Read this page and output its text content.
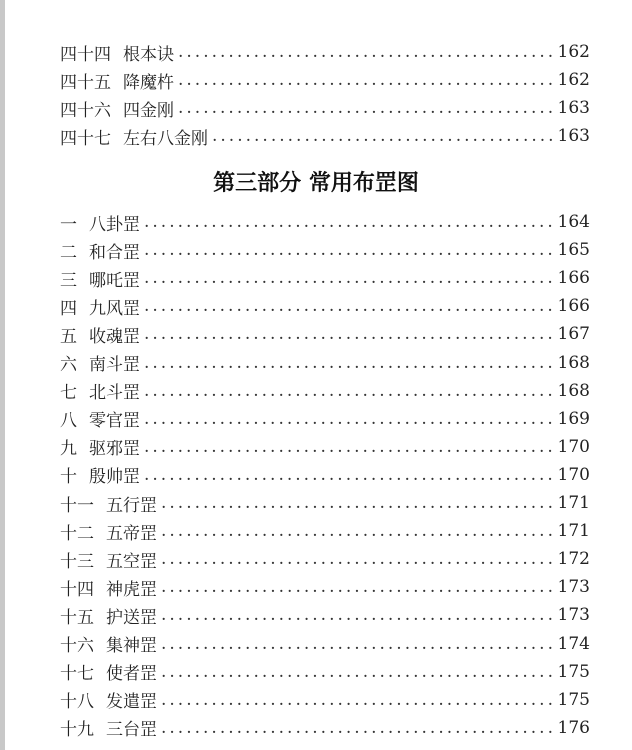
四十四 根本诀 .....	162
四十五 降魔杵 .....	162
四十六 四金刚 .....	163
四十七 左右八金刚 .....	163
第三部分 常用布罡图
一 八卦罡 .....	164
二 和合罡 .....	165
三 哪吒罡 .....	166
四 九风罡 .....	166
五 收魂罡 .....	167
六 南斗罡 .....	168
七 北斗罡 .....	168
八 零官罡 .....	169
九 驱邪罡 .....	170
十 殷帅罡 .....	170
十一 五行罡 .....	171
十二 五帝罡 .....	171
十三 五空罡 .....	172
十四 神虎罡 .....	173
十五 护送罡 .....	173
十六 集神罡 .....	174
十七 使者罡 .....	175
十八 发遣罡 .....	175
十九 三台罡 .....	176
